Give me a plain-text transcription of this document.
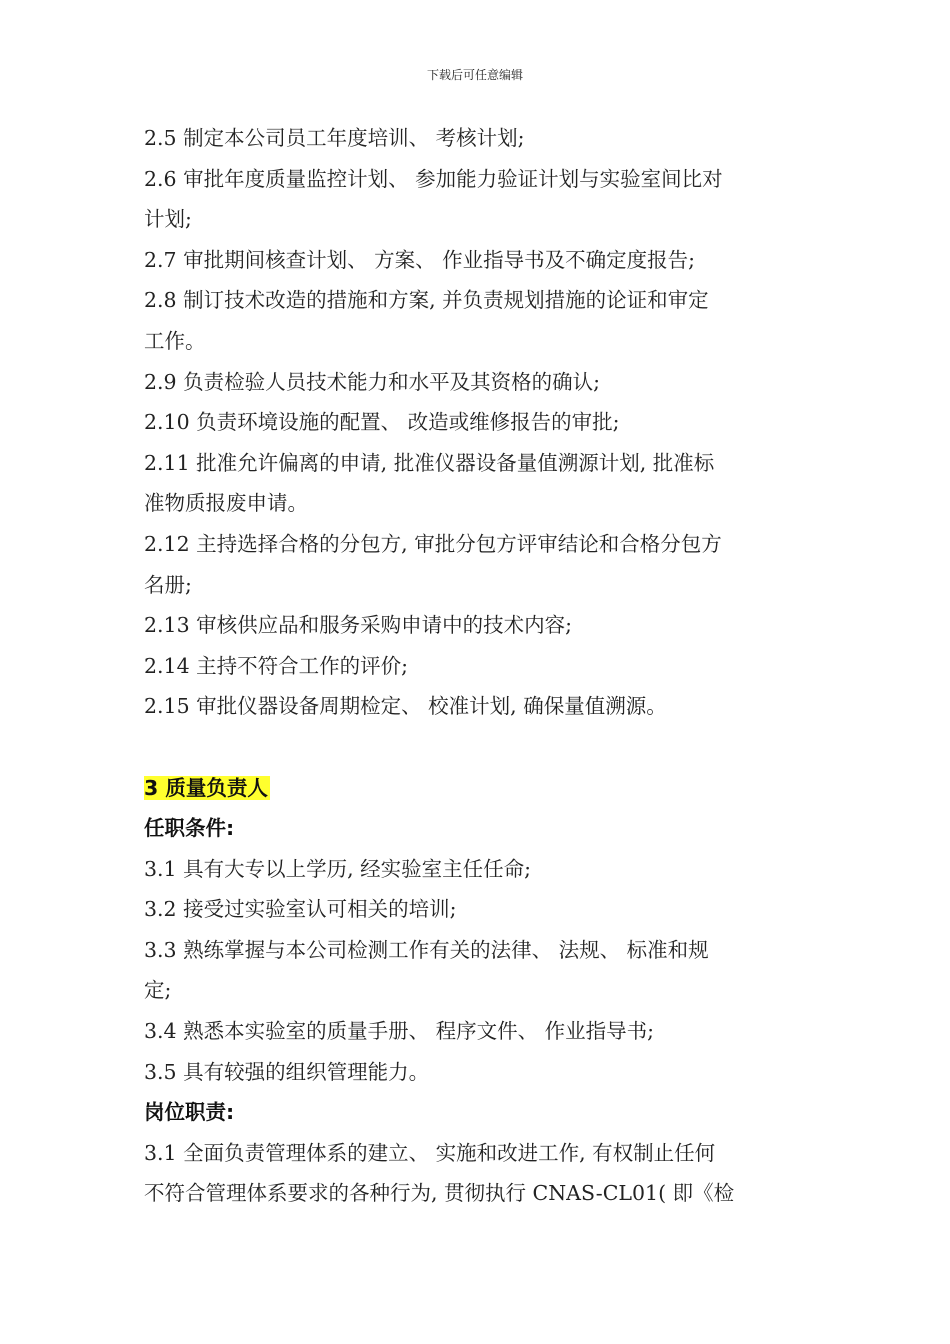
下载后可任意编辑
2.5 制定本公司员工年度培训、 考核计划;
2.6 审批年度质量监控计划、 参加能力验证计划与实验室间比对
计划;
2.7 审批期间核查计划、 方案、 作业指导书及不确定度报告;
2.8 制订技术改造的措施和方案, 并负责规划措施的论证和审定
工作。
2.9 负责检验人员技术能力和水平及其资格的确认;
2.10 负责环境设施的配置、 改造或维修报告的审批;
2.11 批准允许偏离的申请, 批准仪器设备量值溯源计划, 批准标
准物质报废申请。
2.12 主持选择合格的分包方, 审批分包方评审结论和合格分包方
名册;
2.13 审核供应品和服务采购申请中的技术内容;
2.14 主持不符合工作的评价;
2.15 审批仪器设备周期检定、 校准计划, 确保量值溯源。
3 质量负责人
任职条件:
3.1 具有大专以上学历, 经实验室主任任命;
3.2 接受过实验室认可相关的培训;
3.3 熟练掌握与本公司检测工作有关的法律、 法规、 标准和规
定;
3.4 熟悉本实验室的质量手册、 程序文件、 作业指导书;
3.5 具有较强的组织管理能力。
岗位职责:
3.1 全面负责管理体系的建立、 实施和改进工作, 有权制止任何
不符合管理体系要求的各种行为, 贯彻执行 CNAS-CL01( 即《检
